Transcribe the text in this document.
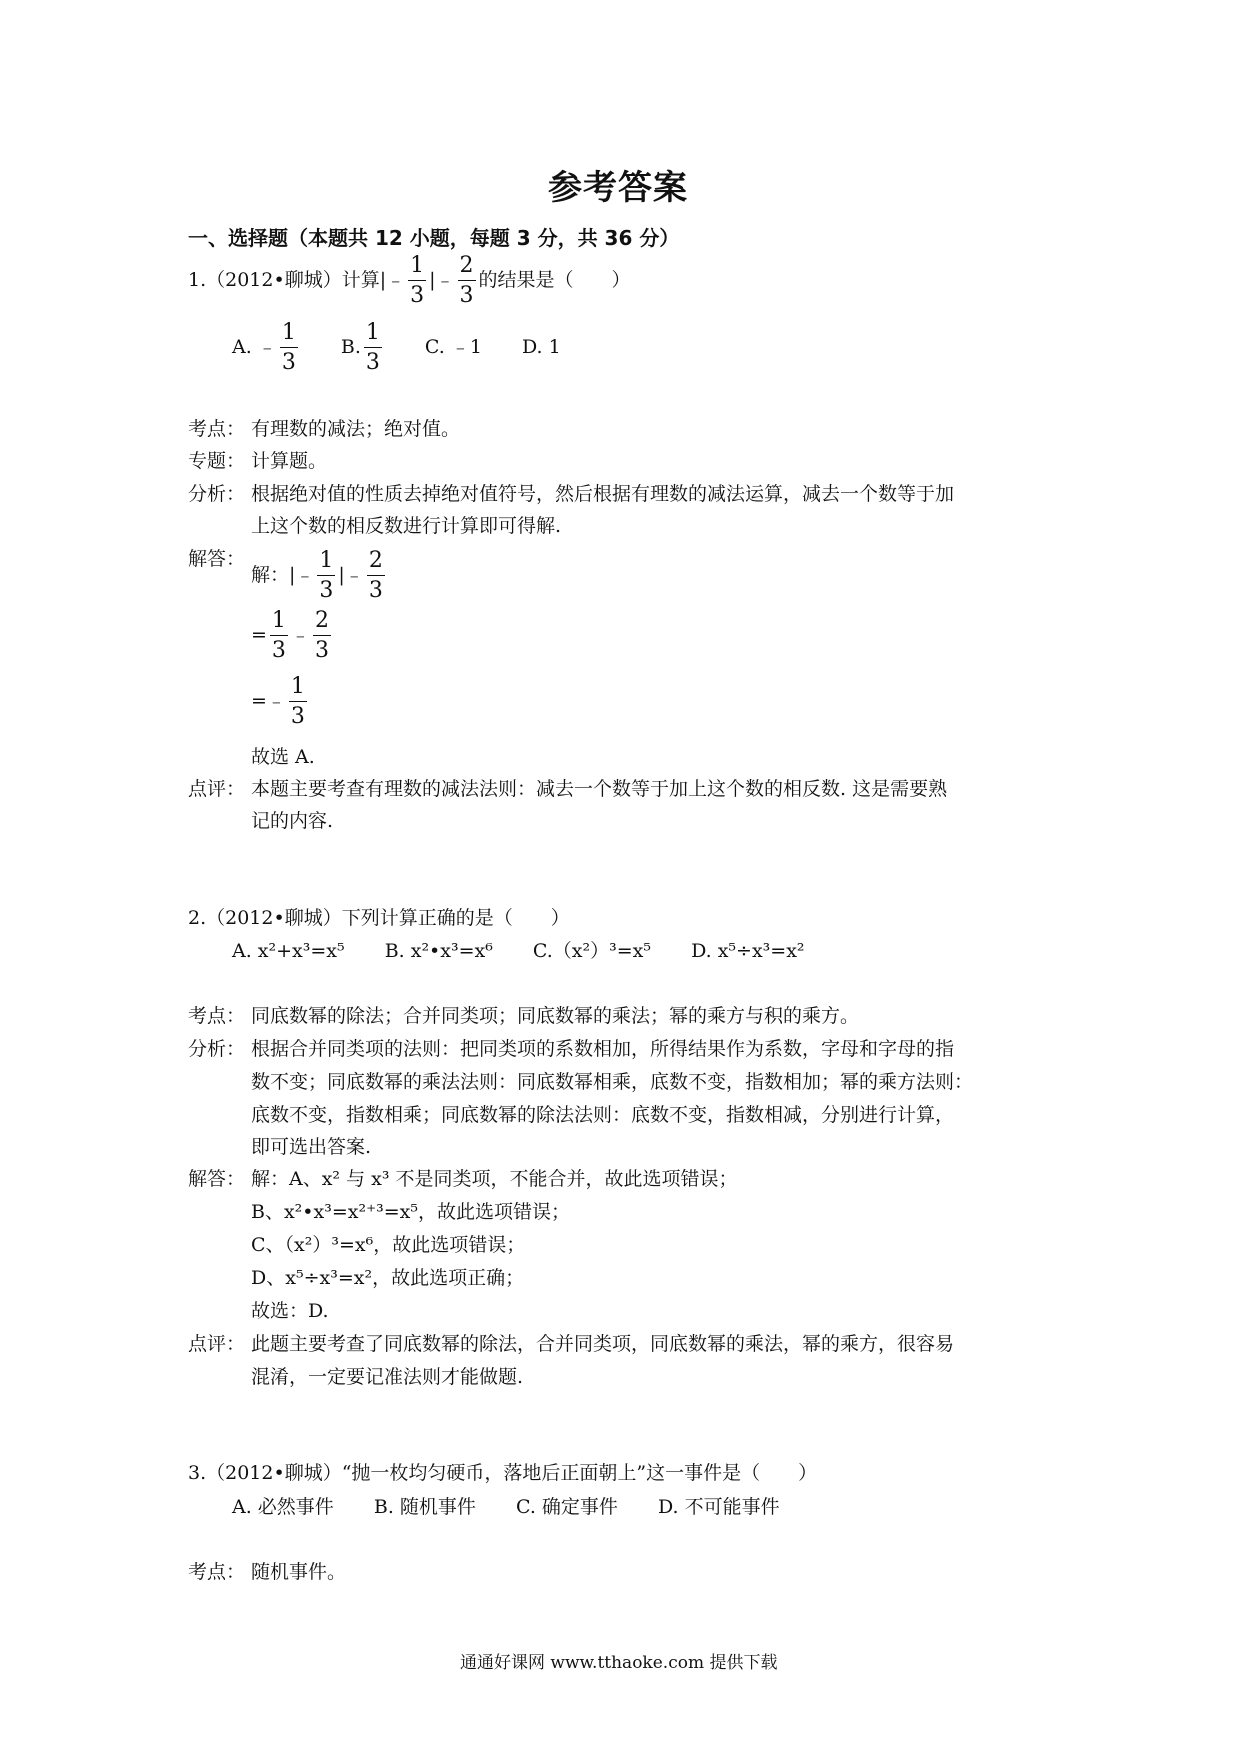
参考答案
一、选择题（本题共 12 小题，每题 3 分，共 36 分）
1.（2012•聊城）计算|﹣ $\frac{1}{3}$ |﹣ $\frac{2}{3}$ 的结果是（　　）
A. ﹣ $\frac{1}{3} B$. $\frac{1}{3} C$. ﹣1 D. 1
考点： 有理数的减法；绝对值。
专题： 计算题。
分析： 根据绝对值的性质去掉绝对值符号，然后根据有理数的减法运算，减去一个数等于加
上这个数的相反数进行计算即可得解.
解答：
解：|﹣ $\frac{1}{3}$ |﹣ $\frac{2}{3}$
= $\frac{1}{3}$ ﹣ $\frac{2}{3}$
=﹣ $\frac{1}{3}$
故选 A.
点评： 本题主要考查有理数的减法法则：减去一个数等于加上这个数的相反数. 这是需要熟
记的内容.
2.（2012•聊城）下列计算正确的是（　　）
A. x²+x³=x⁵ B. x²•x³=x⁶ C.（x²）³=x⁵ D. x⁵÷x³=x²
考点： 同底数幂的除法；合并同类项；同底数幂的乘法；幂的乘方与积的乘方。
分析： 根据合并同类项的法则：把同类项的系数相加，所得结果作为系数，字母和字母的指
数不变；同底数幂的乘法法则：同底数幂相乘，底数不变，指数相加；幂的乘方法则：
底数不变，指数相乘；同底数幂的除法法则：底数不变，指数相减，分别进行计算，
即可选出答案.
解答： 解：A、x² 与 x³ 不是同类项，不能合并，故此选项错误；
B、x²•x³=x²⁺³=x⁵，故此选项错误；
C、（x²）³=x⁶，故此选项错误；
D、x⁵÷x³=x²，故此选项正确；
故选：D.
点评： 此题主要考查了同底数幂的除法，合并同类项，同底数幂的乘法，幂的乘方，很容易
混淆，一定要记准法则才能做题.
3.（2012•聊城）“抛一枚均匀硬币，落地后正面朝上”这一事件是（　　）
A. 必然事件 B. 随机事件 C. 确定事件 D. 不可能事件
考点： 随机事件。
通通好课网 www.tthaoke.com 提供下载
